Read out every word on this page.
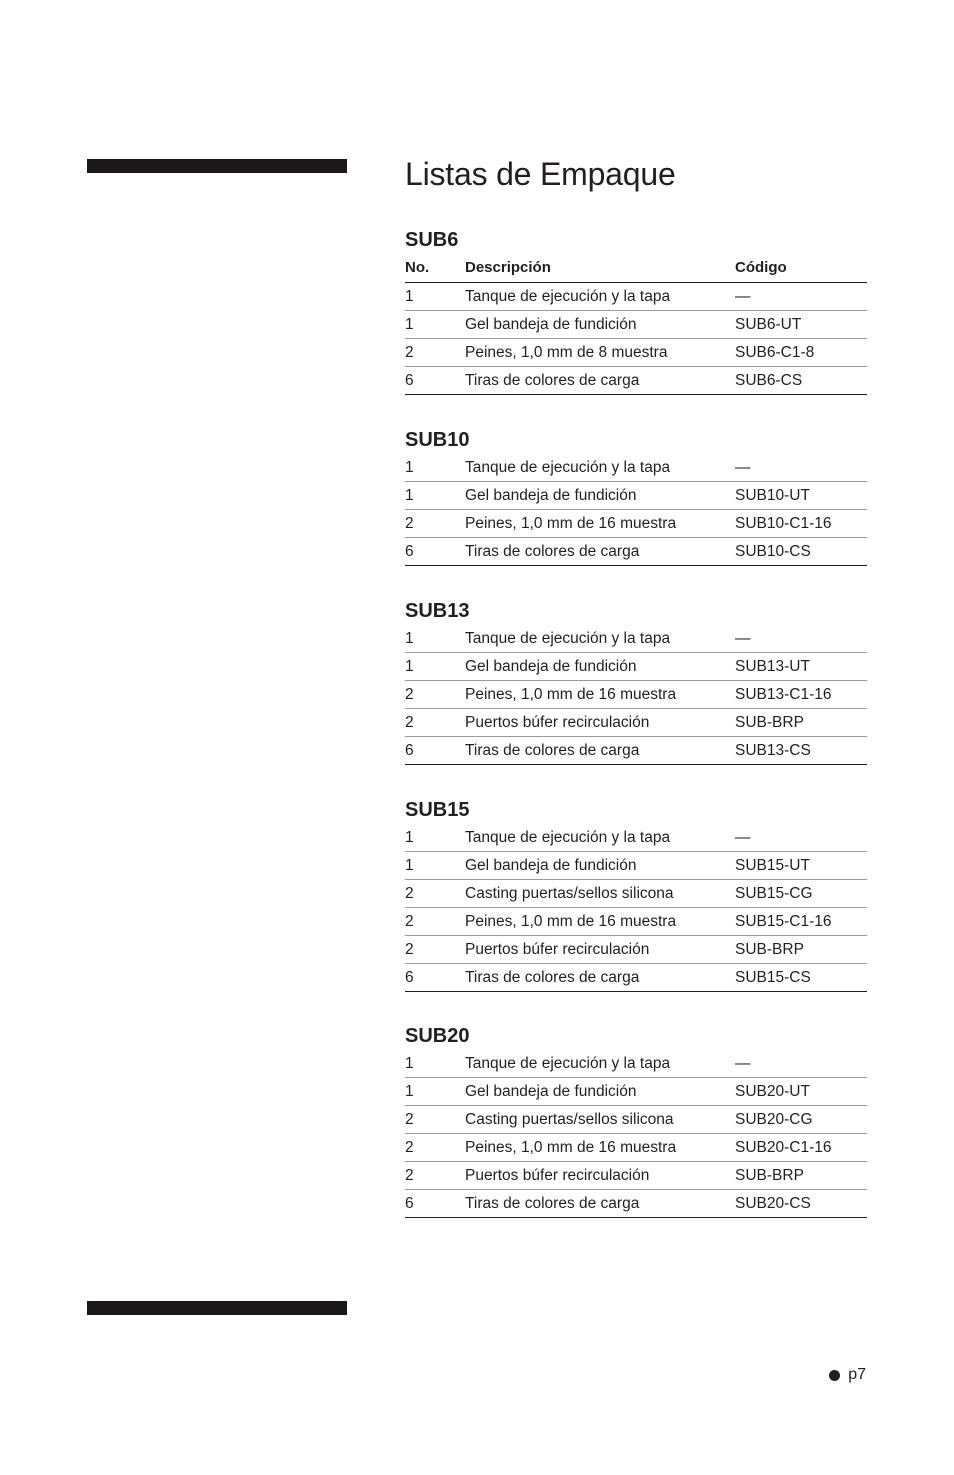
Listas de Empaque
SUB6
No.	Descripción	Código
1	Tanque de ejecución y la tapa	—
1	Gel bandeja de fundición	SUB6-UT
2	Peines, 1,0 mm de 8 muestra	SUB6-C1-8
6	Tiras de colores de carga	SUB6-CS
SUB10
1	Tanque de ejecución y la tapa	—
1	Gel bandeja de fundición	SUB10-UT
2	Peines, 1,0 mm de 16 muestra	SUB10-C1-16
6	Tiras de colores de carga	SUB10-CS
SUB13
1	Tanque de ejecución y la tapa	—
1	Gel bandeja de fundición	SUB13-UT
2	Peines, 1,0 mm de 16 muestra	SUB13-C1-16
2	Puertos búfer recirculación	SUB-BRP
6	Tiras de colores de carga	SUB13-CS
SUB15
1	Tanque de ejecución y la tapa	—
1	Gel bandeja de fundición	SUB15-UT
2	Casting puertas/sellos silicona	SUB15-CG
2	Peines, 1,0 mm de 16 muestra	SUB15-C1-16
2	Puertos búfer recirculación	SUB-BRP
6	Tiras de colores de carga	SUB15-CS
SUB20
1	Tanque de ejecución y la tapa	—
1	Gel bandeja de fundición	SUB20-UT
2	Casting puertas/sellos silicona	SUB20-CG
2	Peines, 1,0 mm de 16 muestra	SUB20-C1-16
2	Puertos búfer recirculación	SUB-BRP
6	Tiras de colores de carga	SUB20-CS
p7
